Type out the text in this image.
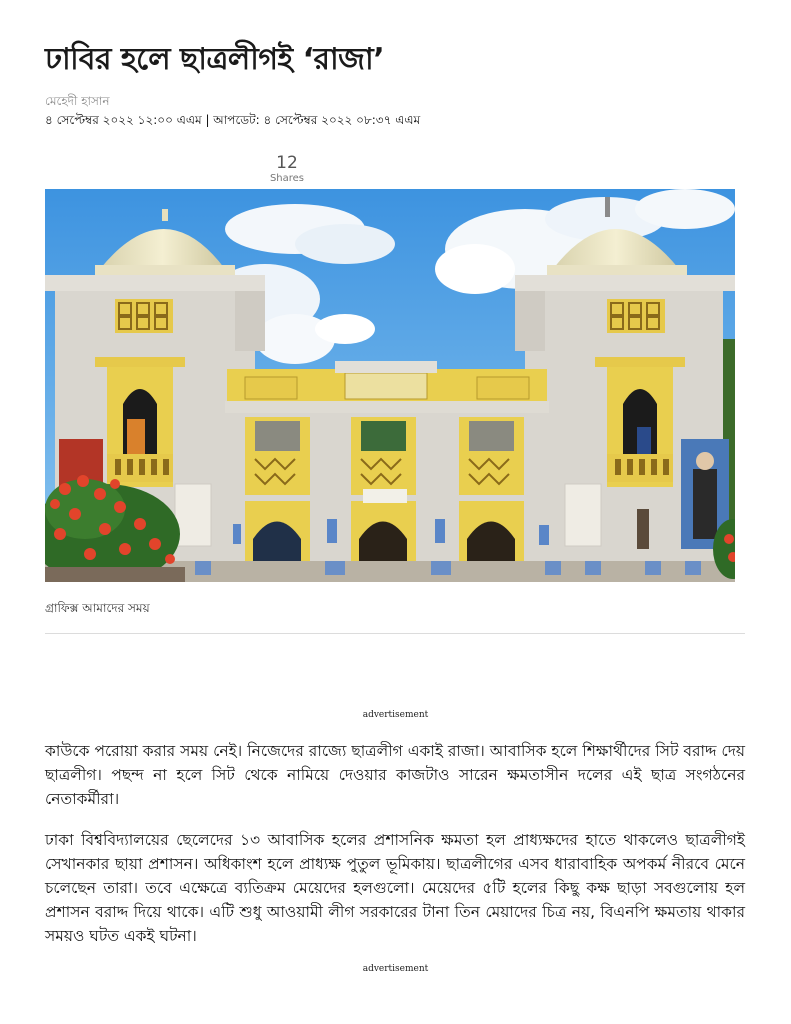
ঢাবির হলে ছাত্রলীগই ‘রাজা’
মেহেদী হাসান
৪ সেপ্টেম্বর ২০২২ ১২:০০ এএম | আপডেট: ৪ সেপ্টেম্বর ২০২২ ০৮:৩৭ এএম
12
Shares
গ্রাফিক্স আমাদের সময়
advertisement

কাউকে পরোয়া করার সময় নেই। নিজেদের রাজ্যে ছাত্রলীগ একাই রাজা। আবাসিক হলে শিক্ষার্থীদের সিট বরাদ্দ দেয় ছাত্রলীগ। পছন্দ না হলে সিট থেকে নামিয়ে দেওয়ার কাজটাও সারেন ক্ষমতাসীন দলের এই ছাত্র সংগঠনের নেতাকর্মীরা।

ঢাকা বিশ্ববিদ্যালয়ের ছেলেদের ১৩ আবাসিক হলের প্রশাসনিক ক্ষমতা হল প্রাধ্যক্ষদের হাতে থাকলেও ছাত্রলীগই সেখানকার ছায়া প্রশাসন। অধিকাংশ হলে প্রাধ্যক্ষ পুতুল ভূমিকায়। ছাত্রলীগের এসব ধারাবাহিক অপকর্ম নীরবে মেনে চলেছেন তারা। তবে এক্ষেত্রে ব্যতিক্রম মেয়েদের হলগুলো। মেয়েদের ৫টি হলের কিছু কক্ষ ছাড়া সবগুলোয় হল প্রশাসন বরাদ্দ দিয়ে থাকে। এটি শুধু আওয়ামী লীগ সরকারের টানা তিন মেয়াদের চিত্র নয়, বিএনপি ক্ষমতায় থাকার সময়ও ঘটত একই ঘটনা।

advertisement
